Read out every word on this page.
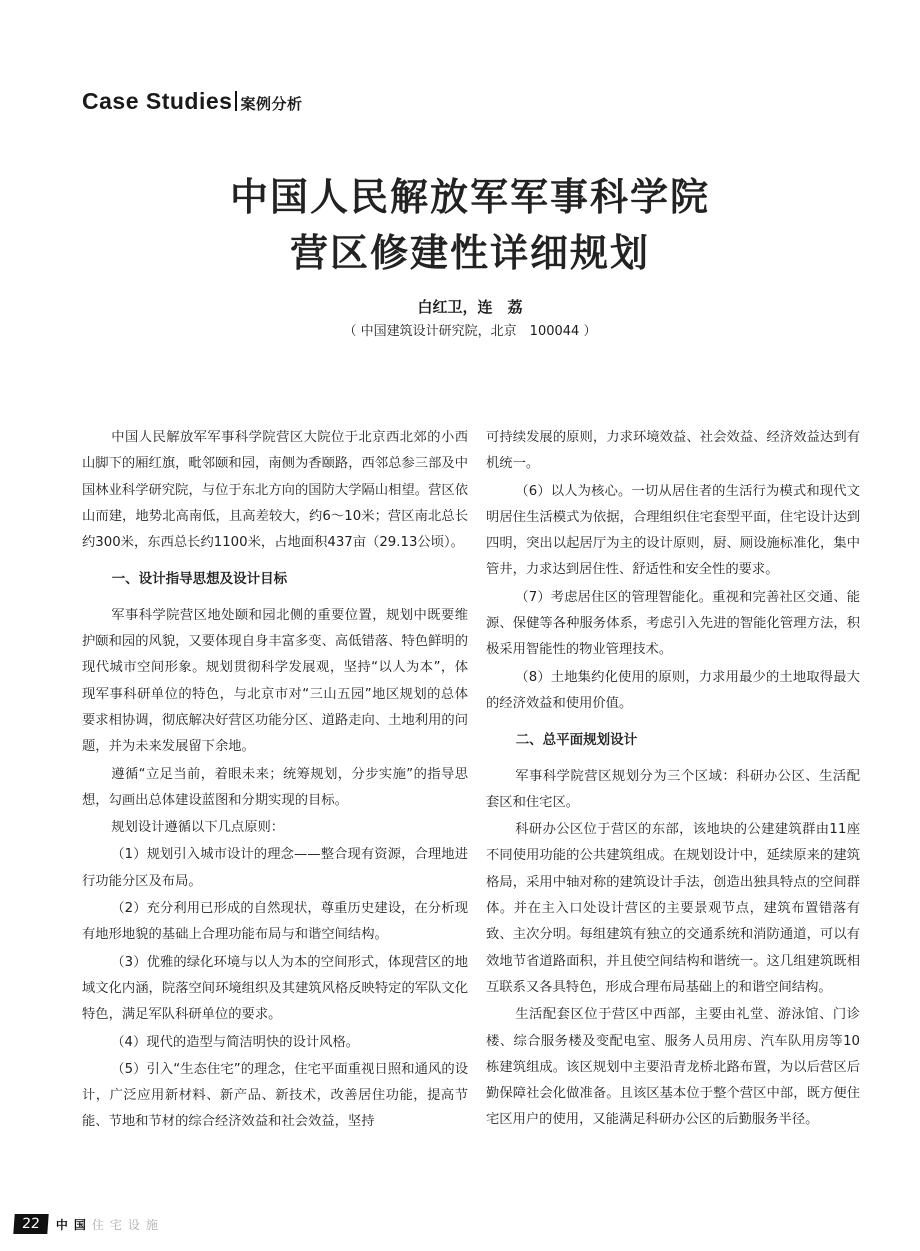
Case Studies 案例分析
中国人民解放军军事科学院
营区修建性详细规划
白红卫，连　荔
（ 中国建筑设计研究院，北京　100044 ）

中国人民解放军军事科学院营区大院位于北京西北郊的小西山脚下的厢红旗，毗邻颐和园，南侧为香颐路，西邻总参三部及中国林业科学研究院，与位于东北方向的国防大学隔山相望。营区依山而建，地势北高南低，且高差较大，约6～10米；营区南北总长约300米，东西总长约1100米，占地面积437亩（29.13公顷）。

一、设计指导思想及设计目标

军事科学院营区地处颐和园北侧的重要位置，规划中既要维护颐和园的风貌，又要体现自身丰富多变、高低错落、特色鲜明的现代城市空间形象。规划贯彻科学发展观，坚持“以人为本”，体现军事科研单位的特色，与北京市对“三山五园”地区规划的总体要求相协调，彻底解决好营区功能分区、道路走向、土地利用的问题，并为未来发展留下余地。

遵循“立足当前，着眼未来；统筹规划，分步实施”的指导思想，勾画出总体建设蓝图和分期实现的目标。

规划设计遵循以下几点原则：

（1）规划引入城市设计的理念——整合现有资源，合理地进行功能分区及布局。

（2）充分利用已形成的自然现状，尊重历史建设，在分析现有地形地貌的基础上合理功能布局与和谐空间结构。

（3）优雅的绿化环境与以人为本的空间形式，体现营区的地域文化内涵，院落空间环境组织及其建筑风格反映特定的军队文化特色，满足军队科研单位的要求。

（4）现代的造型与简洁明快的设计风格。

（5）引入“生态住宅”的理念，住宅平面重视日照和通风的设计，广泛应用新材料、新产品、新技术，改善居住功能，提高节能、节地和节材的综合经济效益和社会效益，坚持

可持续发展的原则，力求环境效益、社会效益、经济效益达到有机统一。

（6）以人为核心。一切从居住者的生活行为模式和现代文明居住生活模式为依据，合理组织住宅套型平面，住宅设计达到四明，突出以起居厅为主的设计原则，厨、厕设施标准化，集中管井，力求达到居住性、舒适性和安全性的要求。

（7）考虑居住区的管理智能化。重视和完善社区交通、能源、保健等各种服务体系，考虑引入先进的智能化管理方法，积极采用智能性的物业管理技术。

（8）土地集约化使用的原则，力求用最少的土地取得最大的经济效益和使用价值。

二、总平面规划设计

军事科学院营区规划分为三个区域：科研办公区、生活配套区和住宅区。

科研办公区位于营区的东部，该地块的公建建筑群由11座不同使用功能的公共建筑组成。在规划设计中，延续原来的建筑格局，采用中轴对称的建筑设计手法，创造出独具特点的空间群体。并在主入口处设计营区的主要景观节点，建筑布置错落有致、主次分明。每组建筑有独立的交通系统和消防通道，可以有效地节省道路面积，并且使空间结构和谐统一。这几组建筑既相互联系又各具特色，形成合理布局基础上的和谐空间结构。

生活配套区位于营区中西部，主要由礼堂、游泳馆、门诊楼、综合服务楼及变配电室、服务人员用房、汽车队用房等10栋建筑组成。该区规划中主要沿青龙桥北路布置，为以后营区后勤保障社会化做准备。且该区基本位于整个营区中部，既方便住宅区用户的使用，又能满足科研办公区的后勤服务半径。

22	中国住宅设施
